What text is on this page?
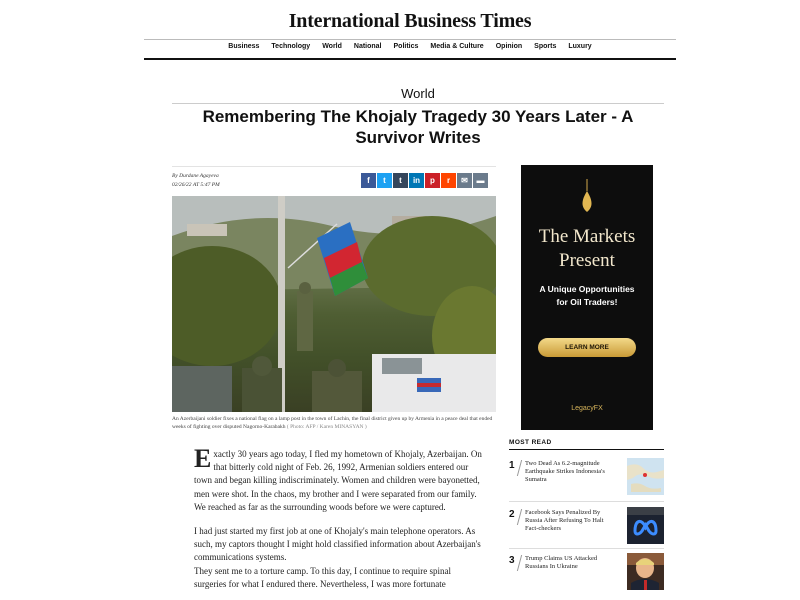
International Business Times
Business Technology World National Politics Media & Culture Opinion Sports Luxury
World
Remembering The Khojaly Tragedy 30 Years Later - A Survivor Writes
By Durdane Agayeva
02/26/22 AT 5:47 PM	f	t	t	in	p	r	✉	▬
An Azerbaijani soldier fixes a national flag on a lamp post in the town of Lachin, the final district given up by Armenia in a peace deal that ended weeks of fighting over disputed Nagorno-Karabakh ( Photo: AFP / Karen MINASYAN )

Exactly 30 years ago today, I fled my hometown of Khojaly, Azerbaijan. On that bitterly cold night of Feb. 26, 1992, Armenian soldiers entered our town and began killing indiscriminately. Women and children were bayonetted, men were shot. In the chaos, my brother and I were separated from our family. We reached as far as the surrounding woods before we were captured.

I had just started my first job at one of Khojaly's main telephone operators. As such, my captors thought I might hold classified information about Azerbaijan's communications systems.
They sent me to a torture camp. To this day, I continue to require spinal surgeries for what I endured there. Nevertheless, I was more fortunate

The Markets
Present
A Unique Opportunities
for Oil Traders!
LEARN MORE
LegacyFX
MOST READ
1 Two Dead As 6.2-magnitude Earthquake Strikes Indonesia's Sumatra
2 Facebook Says Penalized By Russia After Refusing To Halt Fact-checkers
3 Trump Claims US Attacked Russians In Ukraine
